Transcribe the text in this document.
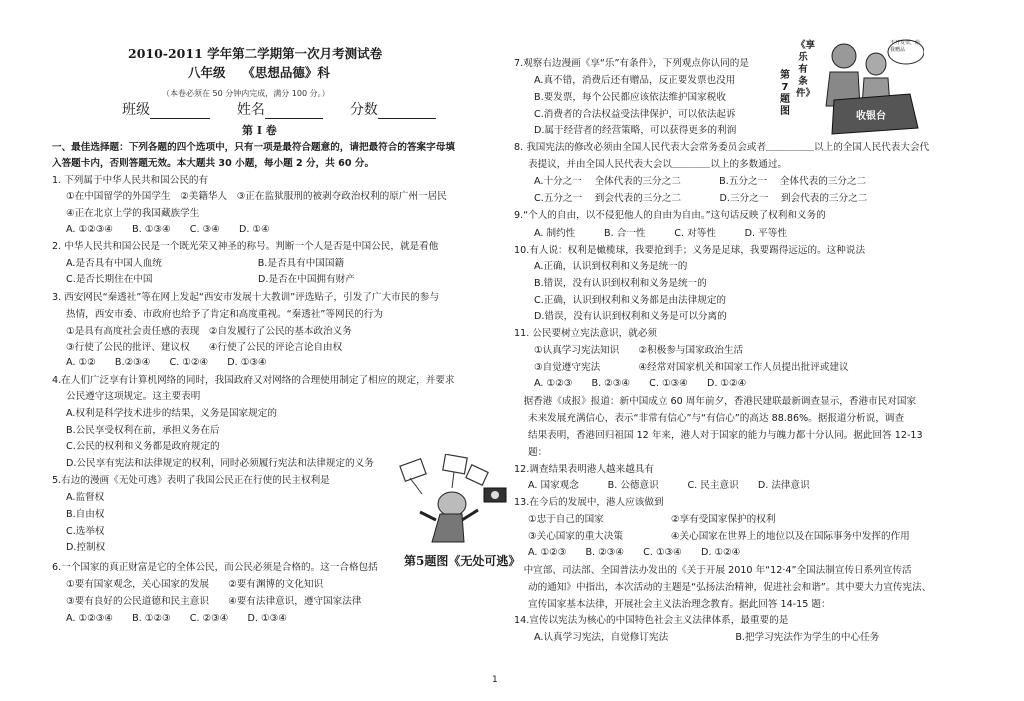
2010-2011 学年第二学期第一次月考测试卷
八年级　 《思想品德》科
（本卷必须在 50 分钟内完成，满分 100 分。）
班级	姓名	分数
第 Ⅰ 卷
一、最佳选择题：下列各题的四个选项中，只有一项是最符合题意的，请把最符合的答案字母填
入答题卡内，否则答题无效。本大题共 30 小题，每小题 2 分，共 60 分。
1. 下列属于中华人民共和国公民的有
①在中国留学的外国学生　②美籍华人　③正在监狱服刑的被剥夺政治权利的原广州一居民
④正在北京上学的我国藏族学生
A. ①②③④　　B. ①③④　　C. ③④　　D. ①④
2. 中华人民共和国公民是一个既光荣又神圣的称号。判断一个人是否是中国公民，就是看他
A.是否具有中国人血统　　　　　　　　　　B.是否具有中国国籍
C.是否长期住在中国　　　　　　　　　　　D.是否在中国拥有财产
3. 西安网民“秦透社”等在网上发起“西安市发展十大教训”评选贴子，引发了广大市民的参与
热情，西安市委、市政府也给予了肯定和高度重视。“秦透社”等网民的行为
①是具有高度社会责任感的表现　②自发履行了公民的基本政治义务
③行使了公民的批评、建议权　　④行使了公民的评论言论自由权
A. ①②　　B.②③④　　C. ①②④　　D. ①③④
4.在人们广泛享有计算机网络的同时，我国政府又对网络的合理使用制定了相应的规定，并要求
公民遵守这项规定。这主要表明
A.权利是科学技术进步的结果，义务是国家规定的
B.公民享受权利在前，承担义务在后
C.公民的权利和义务都是政府规定的
D.公民享有宪法和法律规定的权利，同时必须履行宪法和法律规定的义务
5.右边的漫画《无处可逃》表明了我国公民正在行使的民主权利是
A.监督权
B.自由权
C.选举权
D.控制权
6.一个国家的真正财富是它的全体公民，而公民必须是合格的。这一合格包括
①要有国家观念，关心国家的发展　　②要有渊博的文化知识
③要有良好的公民道德和民主意识　　④要有法律意识，遵守国家法律
A. ①②③④　　B. ①②③　　C. ②③④　　D. ①③④
7.观察右边漫画《享“乐”有条件》，下列观点你认同的是
A.真不错，消费后还有赠品，反正要发票也没用
B.要发票，每个公民都应该依法维护国家税收
C.消费者的合法权益受法律保护，可以依法起诉
D.属于经营者的经营策略，可以获得更多的利润
8. 我国宪法的修改必须由全国人民代表大会常务委员会或者＿＿＿＿＿以上的全国人民代表大会代
表提议，并由全国人民代表大会以＿＿＿＿以上的多数通过。
A.十分之一　 全体代表的三分之二　　　　B.五分之一　 全体代表的三分之二
C.五分之一　 到会代表的三分之二　　　　D.三分之一　 到会代表的三分之二
9.“个人的自由，以不侵犯他人的自由为自由。”这句话反映了权利和义务的
A. 制约性　　　B. 合一性　　　C. 对等性　　　D. 平等性
10.有人说：权利是橄榄球，我要抢到手；义务是足球，我要踢得远远的。这种说法
A.正确，认识到权利和义务是统一的
B.错误，没有认识到权利和义务是统一的
C.正确，认识到权利和义务都是由法律规定的
D.错误，没有认识到权利和义务是可以分离的
11. 公民要树立宪法意识，就必须
①认真学习宪法知识　　②积极参与国家政治生活
③自觉遵守宪法　　　　④经常对国家机关和国家工作人员提出批评或建议
A. ①②③　　B. ②③④　　C. ①③④　　D. ①②④
　据香港《成报》报道：新中国成立 60 周年前夕，香港民建联最新调查显示，香港市民对国家
未来发展充满信心，表示“非常有信心”与“有信心”的高达 88.86%。据报道分析说，调查
结果表明，香港回归祖国 12 年来，港人对于国家的能力与魄力都十分认同。据此回答 12-13
题：
12.调查结果表明港人越来越具有
A. 国家观念　　　B. 公德意识　　　C. 民主意识　　D. 法律意识
13.在今后的发展中，港人应该做到
①忠于自己的国家　　　　　　　②享有受国家保护的权利
③关心国家的重大决策　　　　　④关心国家在世界上的地位以及在国际事务中发挥的作用
A. ①②③　　B. ②③④　　C. ①③④　　D. ①②④
　中宣部、司法部、全国普法办发出的《关于开展 2010 年“12·4”全国法制宣传日系列宣传活
动的通知》中指出，本次活动的主题是“弘扬法治精神，促进社会和谐”。其中要大力宣传宪法、
宣传国家基本法律，开展社会主义法治理念教育。据此回答 14-15 题：
14.宣传以宪法为核心的中国特色社会主义法律体系，最重要的是
A.认真学习宪法，自觉修订宪法　　　　　　　B.把学习宪法作为学生的中心任务
第5题图《无处可逃》
第7题图
《享乐有条件》
不开发票，给我赠品
收银台
1
